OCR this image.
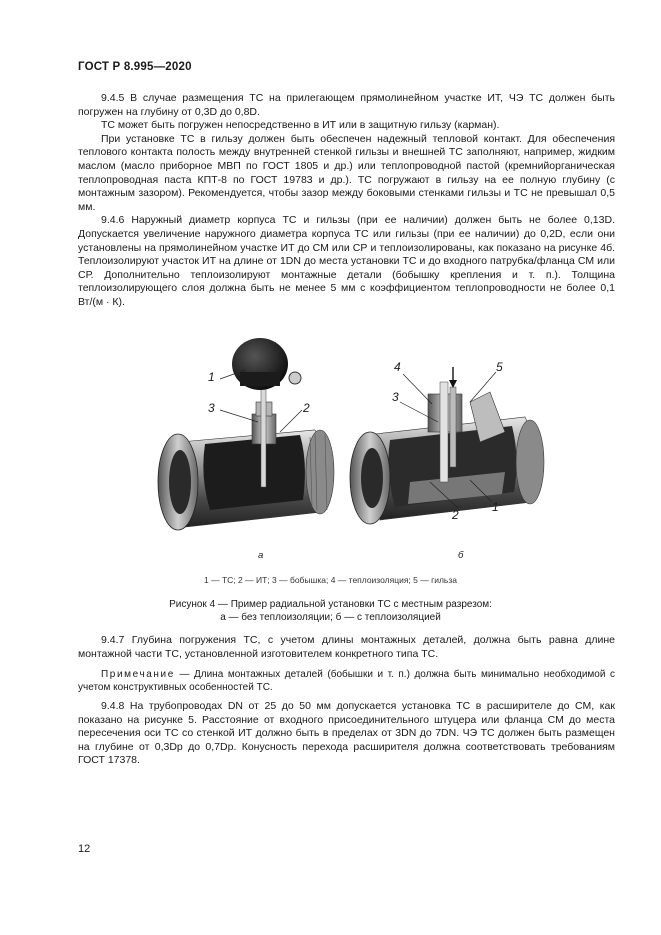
ГОСТ Р 8.995—2020

9.4.5 В случае размещения ТС на прилегающем прямолинейном участке ИТ, ЧЭ ТС должен быть погружен на глубину от 0,3D до 0,8D.

ТС может быть погружен непосредственно в ИТ или в защитную гильзу (карман).

При установке ТС в гильзу должен быть обеспечен надежный тепловой контакт. Для обеспечения теплового контакта полость между внутренней стенкой гильзы и внешней ТС заполняют, например, жидким маслом (масло приборное МВП по ГОСТ 1805 и др.) или теплопроводной пастой (кремнийорганическая теплопроводная паста КПТ-8 по ГОСТ 19783 и др.). ТС погружают в гильзу на ее полную глубину (с монтажным зазором). Рекомендуется, чтобы зазор между боковыми стенками гильзы и ТС не превышал 0,5 мм.

9.4.6 Наружный диаметр корпуса ТС и гильзы (при ее наличии) должен быть не более 0,13D. Допускается увеличение наружного диаметра корпуса ТС или гильзы (при ее наличии) до 0,2D, если они установлены на прямолинейном участке ИТ до СМ или СР и теплоизолированы, как показано на рисунке 4б. Теплоизолируют участок ИТ на длине от 1DN до места установки ТС и до входного патрубка/фланца СМ или СР. Дополнительно теплоизолируют монтажные детали (бобышку крепления и т. п.). Толщина теплоизолирующего слоя должна быть не менее 5 мм с коэффициентом теплопроводности не более 0,1 Вт/(м · К).

1
3	2
4	5
3
2
1
а	б
1 — ТС; 2 — ИТ; 3 — бобышка; 4 — теплоизоляция; 5 — гильза
Рисунок 4 — Пример радиальной установки ТС с местным разрезом:
а — без теплоизоляции; б — с теплоизоляцией

9.4.7 Глубина погружения ТС, с учетом длины монтажных деталей, должна быть равна длине монтажной части ТС, установленной изготовителем конкретного типа ТС.

Примечание — Длина монтажных деталей (бобышки и т. п.) должна быть минимально необходимой с учетом конструктивных особенностей ТС.

9.4.8 На трубопроводах DN от 25 до 50 мм допускается установка ТС в расширителе до СМ, как показано на рисунке 5. Расстояние от входного присоединительного штуцера или фланца СМ до места пересечения оси ТС со стенкой ИТ должно быть в пределах от 3DN до 7DN. ЧЭ ТС должен быть размещен на глубине от 0,3Dр до 0,7Dр. Конусность перехода расширителя должна соответствовать требованиям ГОСТ 17378.

12
